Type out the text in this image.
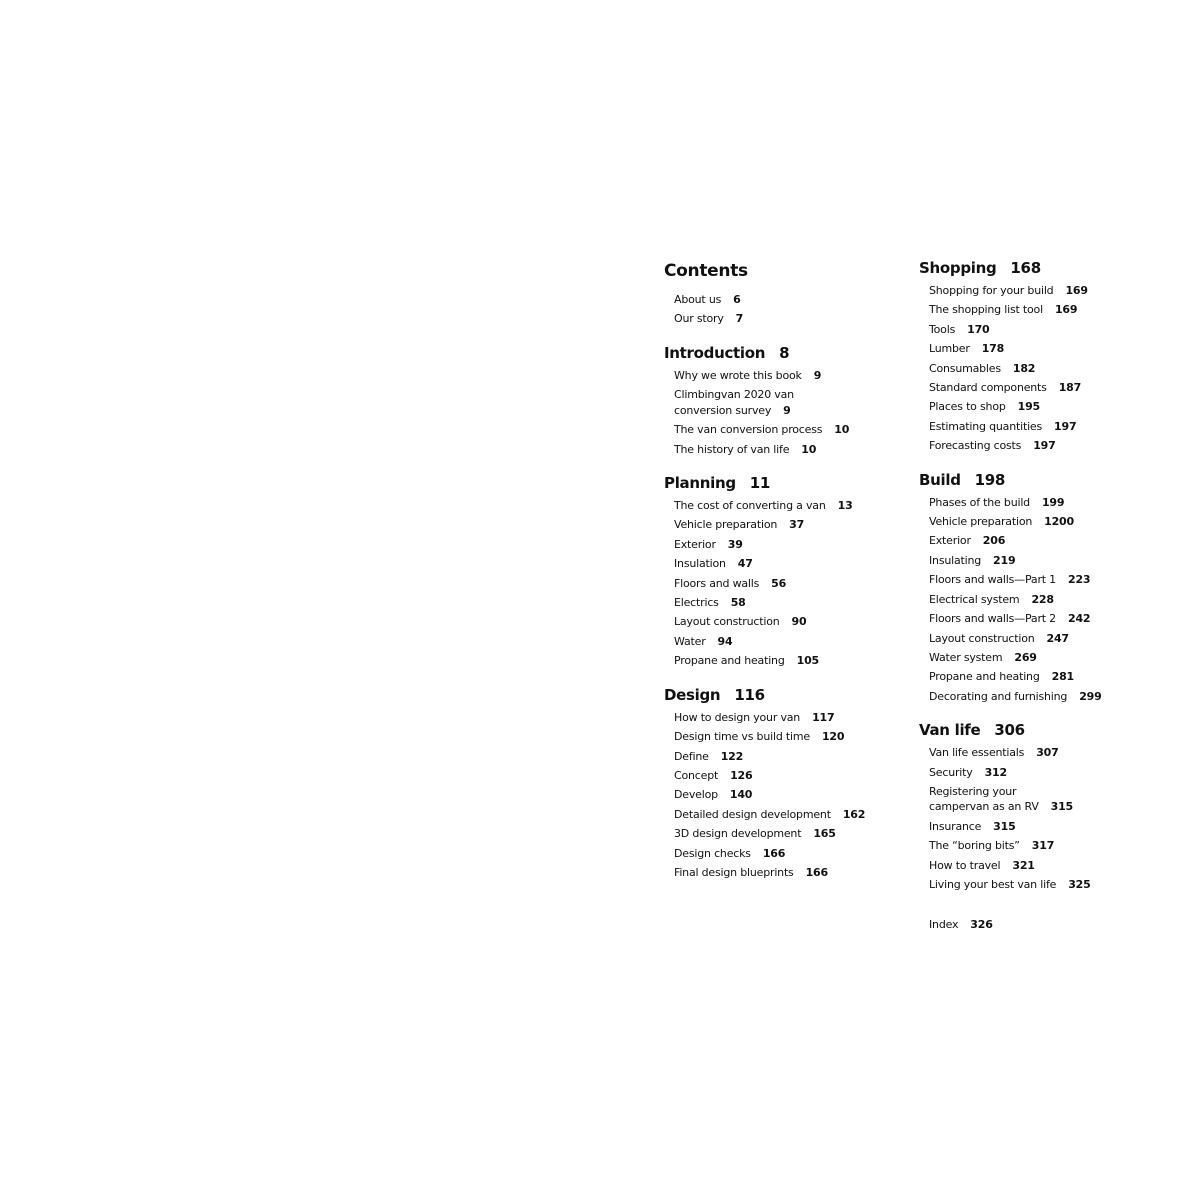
Contents
About us 6
Our story 7
Introduction 8
Why we wrote this book 9
Climbingvan 2020 van conversion survey 9
The van conversion process 10
The history of van life 10
Planning 11
The cost of converting a van 13
Vehicle preparation 37
Exterior 39
Insulation 47
Floors and walls 56
Electrics 58
Layout construction 90
Water 94
Propane and heating 105
Design 116
How to design your van 117
Design time vs build time 120
Define 122
Concept 126
Develop 140
Detailed design development 162
3D design development 165
Design checks 166
Final design blueprints 166
Shopping 168
Shopping for your build 169
The shopping list tool 169
Tools 170
Lumber 178
Consumables 182
Standard components 187
Places to shop 195
Estimating quantities 197
Forecasting costs 197
Build 198
Phases of the build 199
Vehicle preparation 1200
Exterior 206
Insulating 219
Floors and walls—Part 1 223
Electrical system 228
Floors and walls—Part 2 242
Layout construction 247
Water system 269
Propane and heating 281
Decorating and furnishing 299
Van life 306
Van life essentials 307
Security 312
Registering your campervan as an RV 315
Insurance 315
The “boring bits” 317
How to travel 321
Living your best van life 325
Index 326
